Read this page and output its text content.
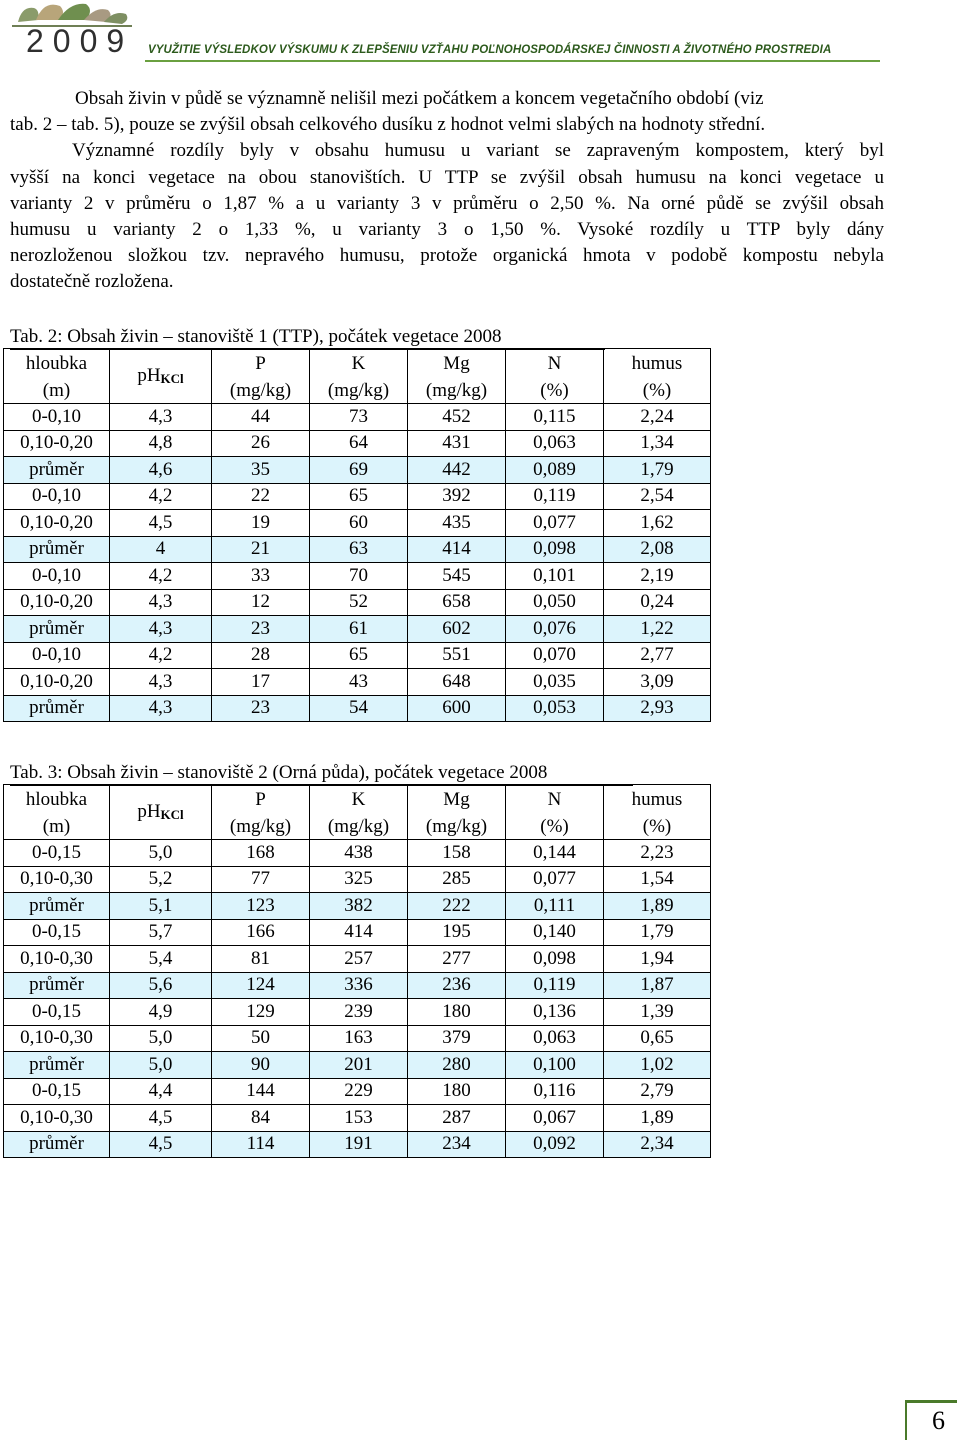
2009 VYUŽITIE VÝSLEDKOV VÝSKUMU K ZLEPŠENIU VZŤAHU POĽNOHOSPODÁRSKEJ ČINNOSTI A ŽIVOTNÉHO PROSTREDIA
Obsah živin v půdě se významně nelišil mezi počátkem a koncem vegetačního období (viz
tab. 2 – tab. 5), pouze se zvýšil obsah celkového dusíku z hodnot velmi slabých na hodnoty střední.
Významné rozdíly byly v obsahu humusu u variant se zapraveným kompostem, který byl
vyšší na konci vegetace na obou stanovištích. U TTP se zvýšil obsah humusu na konci vegetace u
varianty 2 v průměru o 1,87 % a u varianty 3 v průměru o 2,50 %. Na orné půdě se zvýšil obsah
humusu u varianty 2 o 1,33 %, u varianty 3 o 1,50 %. Vysoké rozdíly u TTP byly dány
nerozloženou složkou tzv. nepravého humusu, protože organická hmota v podobě kompostu nebyla
dostatečně rozložena.
Tab. 2: Obsah živin – stanoviště 1 (TTP), počátek vegetace 2008
hloubka	$pH_{KCl}$	P	K	Mg	N	humus
(m)		(mg/kg)	(mg/kg)	(mg/kg)	(%)	(%)
0-0,10	4,3	44	73	452	0,115	2,24
0,10-0,20	4,8	26	64	431	0,063	1,34
průměr	4,6	35	69	442	0,089	1,79
0-0,10	4,2	22	65	392	0,119	2,54
0,10-0,20	4,5	19	60	435	0,077	1,62
průměr	4	21	63	414	0,098	2,08
0-0,10	4,2	33	70	545	0,101	2,19
0,10-0,20	4,3	12	52	658	0,050	0,24
průměr	4,3	23	61	602	0,076	1,22
0-0,10	4,2	28	65	551	0,070	2,77
0,10-0,20	4,3	17	43	648	0,035	3,09
průměr	4,3	23	54	600	0,053	2,93
Tab. 3: Obsah živin – stanoviště 2 (Orná půda), počátek vegetace 2008
hloubka	$pH_{KCl}$	P	K	Mg	N	humus
(m)		(mg/kg)	(mg/kg)	(mg/kg)	(%)	(%)
0-0,15	5,0	168	438	158	0,144	2,23
0,10-0,30	5,2	77	325	285	0,077	1,54
průměr	5,1	123	382	222	0,111	1,89
0-0,15	5,7	166	414	195	0,140	1,79
0,10-0,30	5,4	81	257	277	0,098	1,94
průměr	5,6	124	336	236	0,119	1,87
0-0,15	4,9	129	239	180	0,136	1,39
0,10-0,30	5,0	50	163	379	0,063	0,65
průměr	5,0	90	201	280	0,100	1,02
0-0,15	4,4	144	229	180	0,116	2,79
0,10-0,30	4,5	84	153	287	0,067	1,89
průměr	4,5	114	191	234	0,092	2,34
6
